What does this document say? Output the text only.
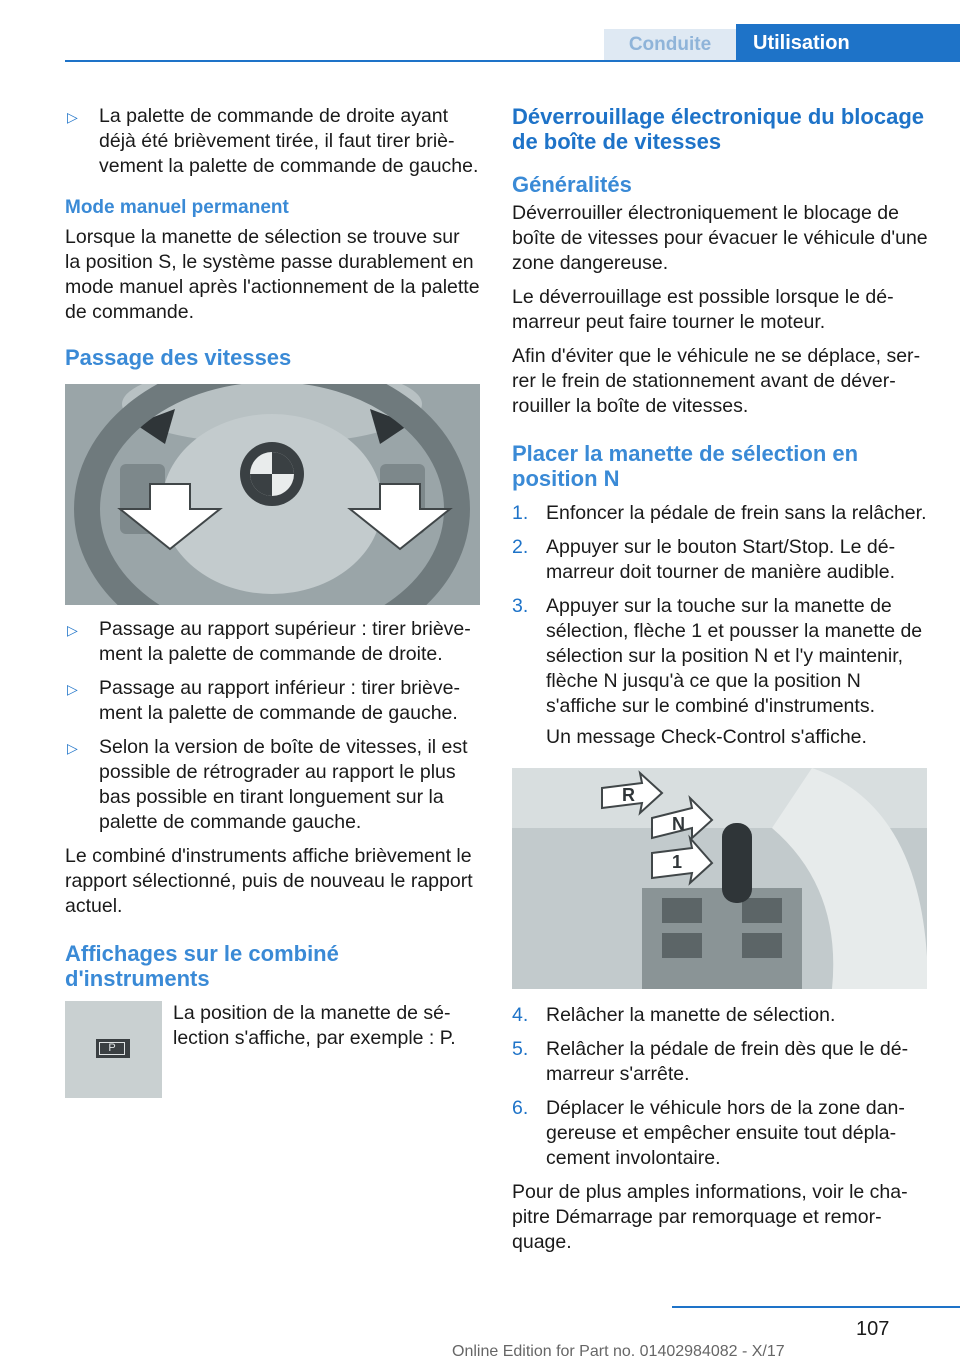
Conduite	Utilisation
▷ La palette de commande de droite ayant déjà été brièvement tirée, il faut tirer brièvement la palette de commande de gauche.
Mode manuel permanent

Lorsque la manette de sélection se trouve sur la position S, le système passe durablement en mode manuel après l'actionnement de la palette de commande.

Passage des vitesses
▷ Passage au rapport supérieur : tirer brièvement la palette de commande de droite.
▷ Passage au rapport inférieur : tirer brièvement la palette de commande de gauche.
▷ Selon la version de boîte de vitesses, il est possible de rétrograder au rapport le plus bas possible en tirant longuement sur la palette de commande gauche.

Le combiné d'instruments affiche brièvement le rapport sélectionné, puis de nouveau le rapport actuel.

Affichages sur le combiné d'instruments
P
La position de la manette de sélection s'affiche, par exemple : P.
Déverrouillage électronique du blocage de boîte de vitesses
Généralités

Déverrouiller électroniquement le blocage de boîte de vitesses pour évacuer le véhicule d'une zone dangereuse.

Le déverrouillage est possible lorsque le démarreur peut faire tourner le moteur.

Afin d'éviter que le véhicule ne se déplace, serrer le frein de stationnement avant de déverrouiller la boîte de vitesses.

Placer la manette de sélection en position N
1. Enfoncer la pédale de frein sans la relâcher.
2. Appuyer sur le bouton Start/Stop. Le démarreur doit tourner de manière audible.
3. Appuyer sur la touche sur la manette de sélection, flèche 1 et pousser la manette de sélection sur la position N et l'y maintenir, flèche N jusqu'à ce que la position N s'affiche sur le combiné d'instruments.
Un message Check-Control s'affiche.
R
N
1
4. Relâcher la manette de sélection.
5. Relâcher la pédale de frein dès que le démarreur s'arrête.
6. Déplacer le véhicule hors de la zone dangereuse et empêcher ensuite tout déplacement involontaire.

Pour de plus amples informations, voir le chapitre Démarrage par remorquage et remorquage.

107
Online Edition for Part no. 01402984082 - X/17
